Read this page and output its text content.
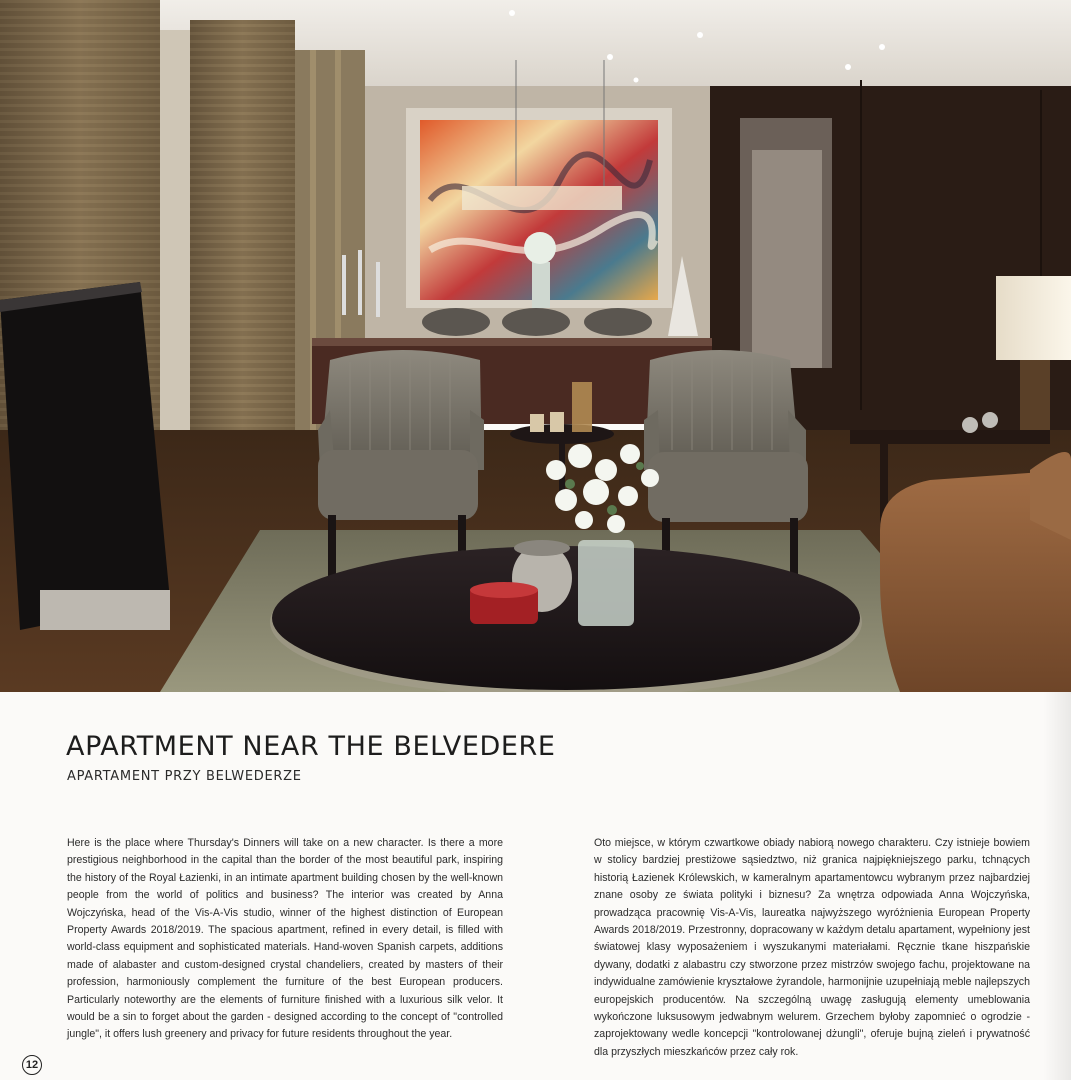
APARTMENT NEAR THE BELVEDERE
APARTAMENT PRZY BELWEDERZE

Here is the place where Thursday's Dinners will take on a new character. Is there a more prestigious neighborhood in the capital than the border of the most beautiful park, inspiring the history of the Royal Łazienki, in an intimate apartment building chosen by the well-known people from the world of politics and business? The interior was created by Anna Wojczyńska, head of the Vis-A-Vis studio, winner of the highest distinction of European Property Awards 2018/2019. The spacious apartment, refined in every detail, is filled with world-class equipment and sophisticated materials. Hand-woven Spanish carpets, additions made of alabaster and custom-designed crystal chandeliers, created by masters of their profession, harmoniously complement the furniture of the best European producers. Particularly noteworthy are the elements of furniture finished with a luxurious silk velor. It would be a sin to forget about the garden - designed according to the concept of "controlled jungle", it offers lush greenery and privacy for future residents throughout the year.

Oto miejsce, w którym czwartkowe obiady nabiorą nowego charakteru. Czy istnieje bowiem w stolicy bardziej prestiżowe sąsiedztwo, niż granica najpiękniejszego parku, tchnących historią Łazienek Królewskich, w kameralnym apartamentowcu wybranym przez najbardziej znane osoby ze świata polityki i biznesu? Za wnętrza odpowiada Anna Wojczyńska, prowadząca pracownię Vis-A-Vis, laureatka najwyższego wyróżnienia European Property Awards 2018/2019. Przestronny, dopracowany w każdym detalu apartament, wypełniony jest światowej klasy wyposażeniem i wyszukanymi materiałami. Ręcznie tkane hiszpańskie dywany, dodatki z alabastru czy stworzone przez mistrzów swojego fachu, projektowane na indywidualne zamówienie kryształowe żyrandole, harmonijnie uzupełniają meble najlepszych europejskich producentów. Na szczególną uwagę zasługują elementy umeblowania wykończone luksusowym jedwabnym welurem. Grzechem byłoby zapomnieć o ogrodzie - zaprojektowany wedle koncepcji "kontrolowanej dżungli", oferuje bujną zieleń i prywatność dla przyszłych mieszkańców przez cały rok.

12
